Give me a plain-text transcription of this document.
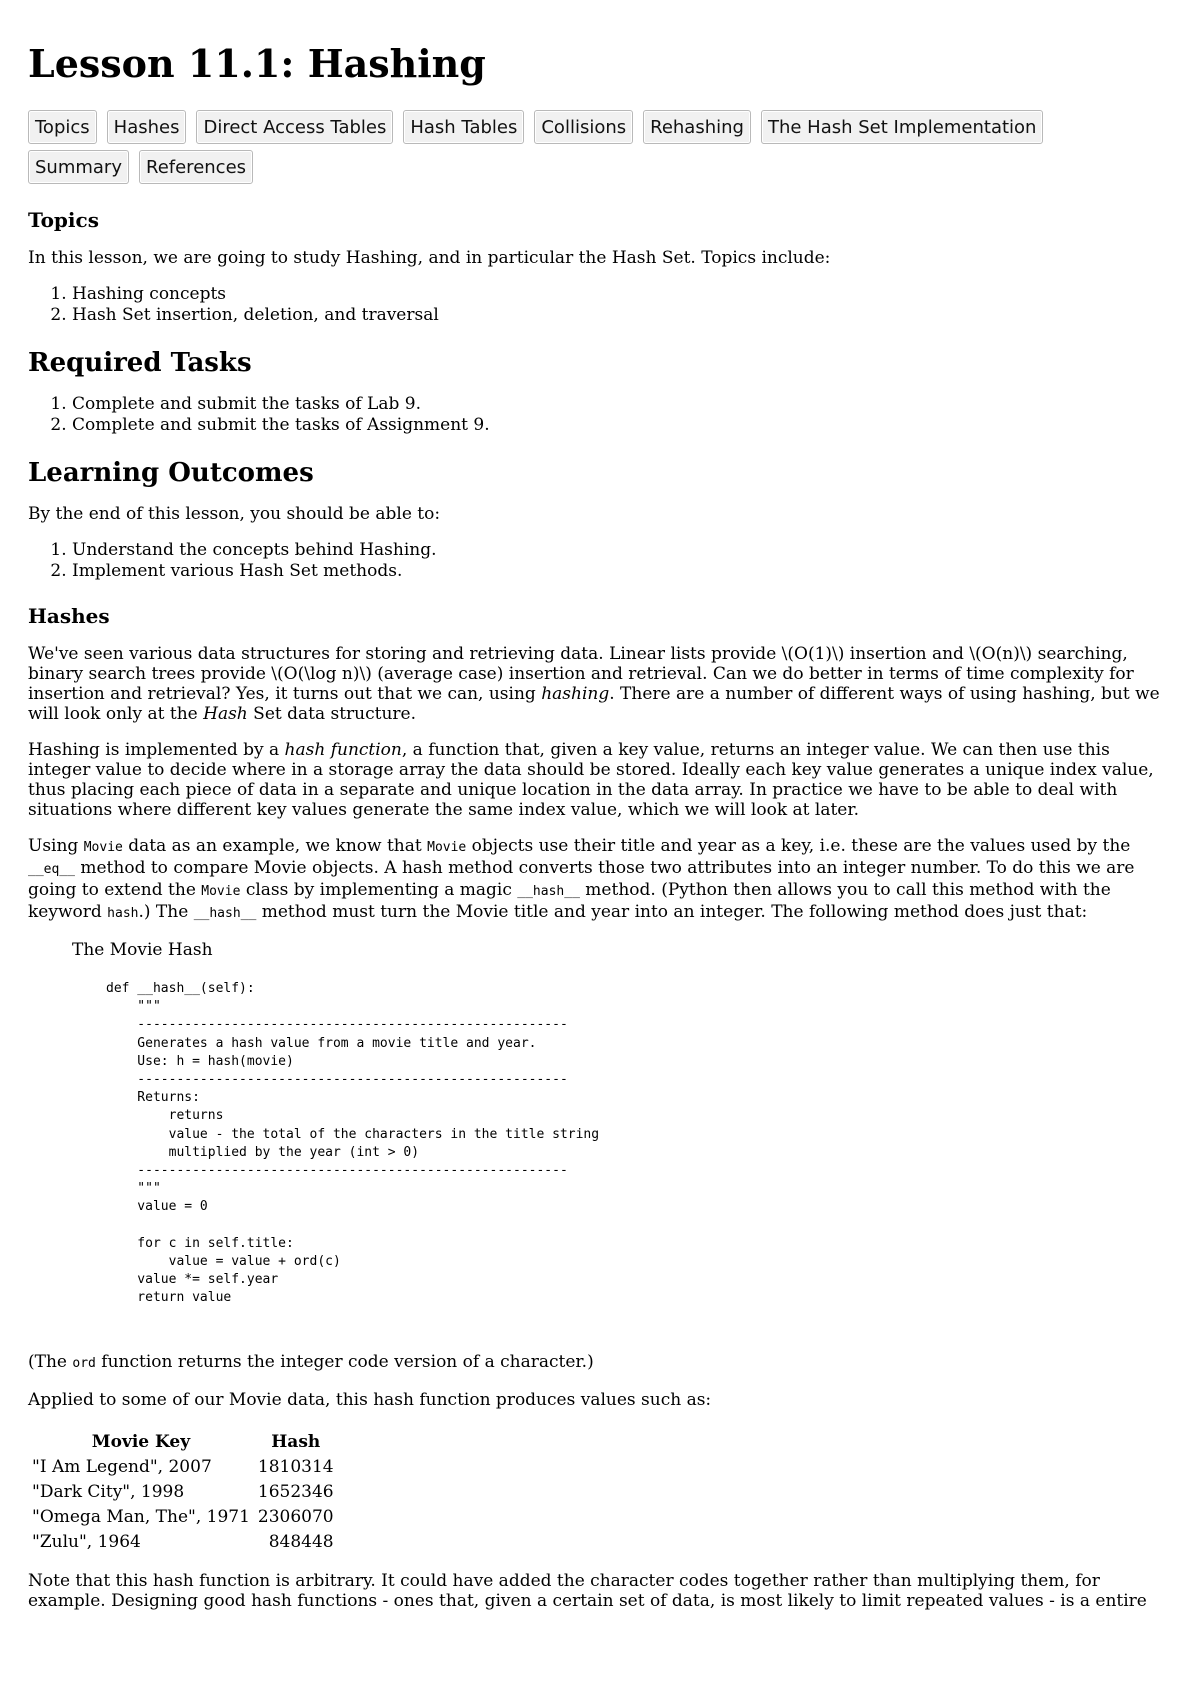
Lesson 11.1: Hashing
Topics	Hashes	Direct Access Tables	Hash Tables	Collisions	Rehashing	The Hash Set Implementation
Summary	References
Topics

In this lesson, we are going to study Hashing, and in particular the Hash Set. Topics include:

1. Hashing concepts
2. Hash Set insertion, deletion, and traversal
Required Tasks
1. Complete and submit the tasks of Lab 9.
2. Complete and submit the tasks of Assignment 9.
Learning Outcomes

By the end of this lesson, you should be able to:

1. Understand the concepts behind Hashing.
2. Implement various Hash Set methods.
Hashes

We've seen various data structures for storing and retrieving data. Linear lists provide \(O(1)\) insertion and \(O(n)\) searching, binary search trees provide \(O(\log n)\) (average case) insertion and retrieval. Can we do better in terms of time complexity for insertion and retrieval? Yes, it turns out that we can, using hashing. There are a number of different ways of using hashing, but we will look only at the Hash Set data structure.

Hashing is implemented by a hash function, a function that, given a key value, returns an integer value. We can then use this integer value to decide where in a storage array the data should be stored. Ideally each key value generates a unique index value, thus placing each piece of data in a separate and unique location in the data array. In practice we have to be able to deal with situations where different key values generate the same index value, which we will look at later.

Using Movie data as an example, we know that Movie objects use their title and year as a key, i.e. these are the values used by the __eq__ method to compare Movie objects. A hash method converts those two attributes into an integer number. To do this we are going to extend the Movie class by implementing a magic __hash__ method. (Python then allows you to call this method with the keyword hash.) The __hash__ method must turn the Movie title and year into an integer. The following method does just that:

The Movie Hash
def __hash__(self):
"""
-------------------------------------------------------
Generates a hash value from a movie title and year.
Use: h = hash(movie)
-------------------------------------------------------
Returns:
returns
value - the total of the characters in the title string
multiplied by the year (int > 0)
-------------------------------------------------------
"""
value = 0

for c in self.title:
value = value + ord(c)
value *= self.year
return value

(The ord function returns the integer code version of a character.)

Applied to some of our Movie data, this hash function produces values such as:

Movie Key	Hash
"I Am Legend", 2007	1810314
"Dark City", 1998	1652346
"Omega Man, The", 1971	2306070
"Zulu", 1964	848448

Note that this hash function is arbitrary. It could have added the character codes together rather than multiplying them, for example. Designing good hash functions - ones that, given a certain set of data, is most likely to limit repeated values - is a entire
